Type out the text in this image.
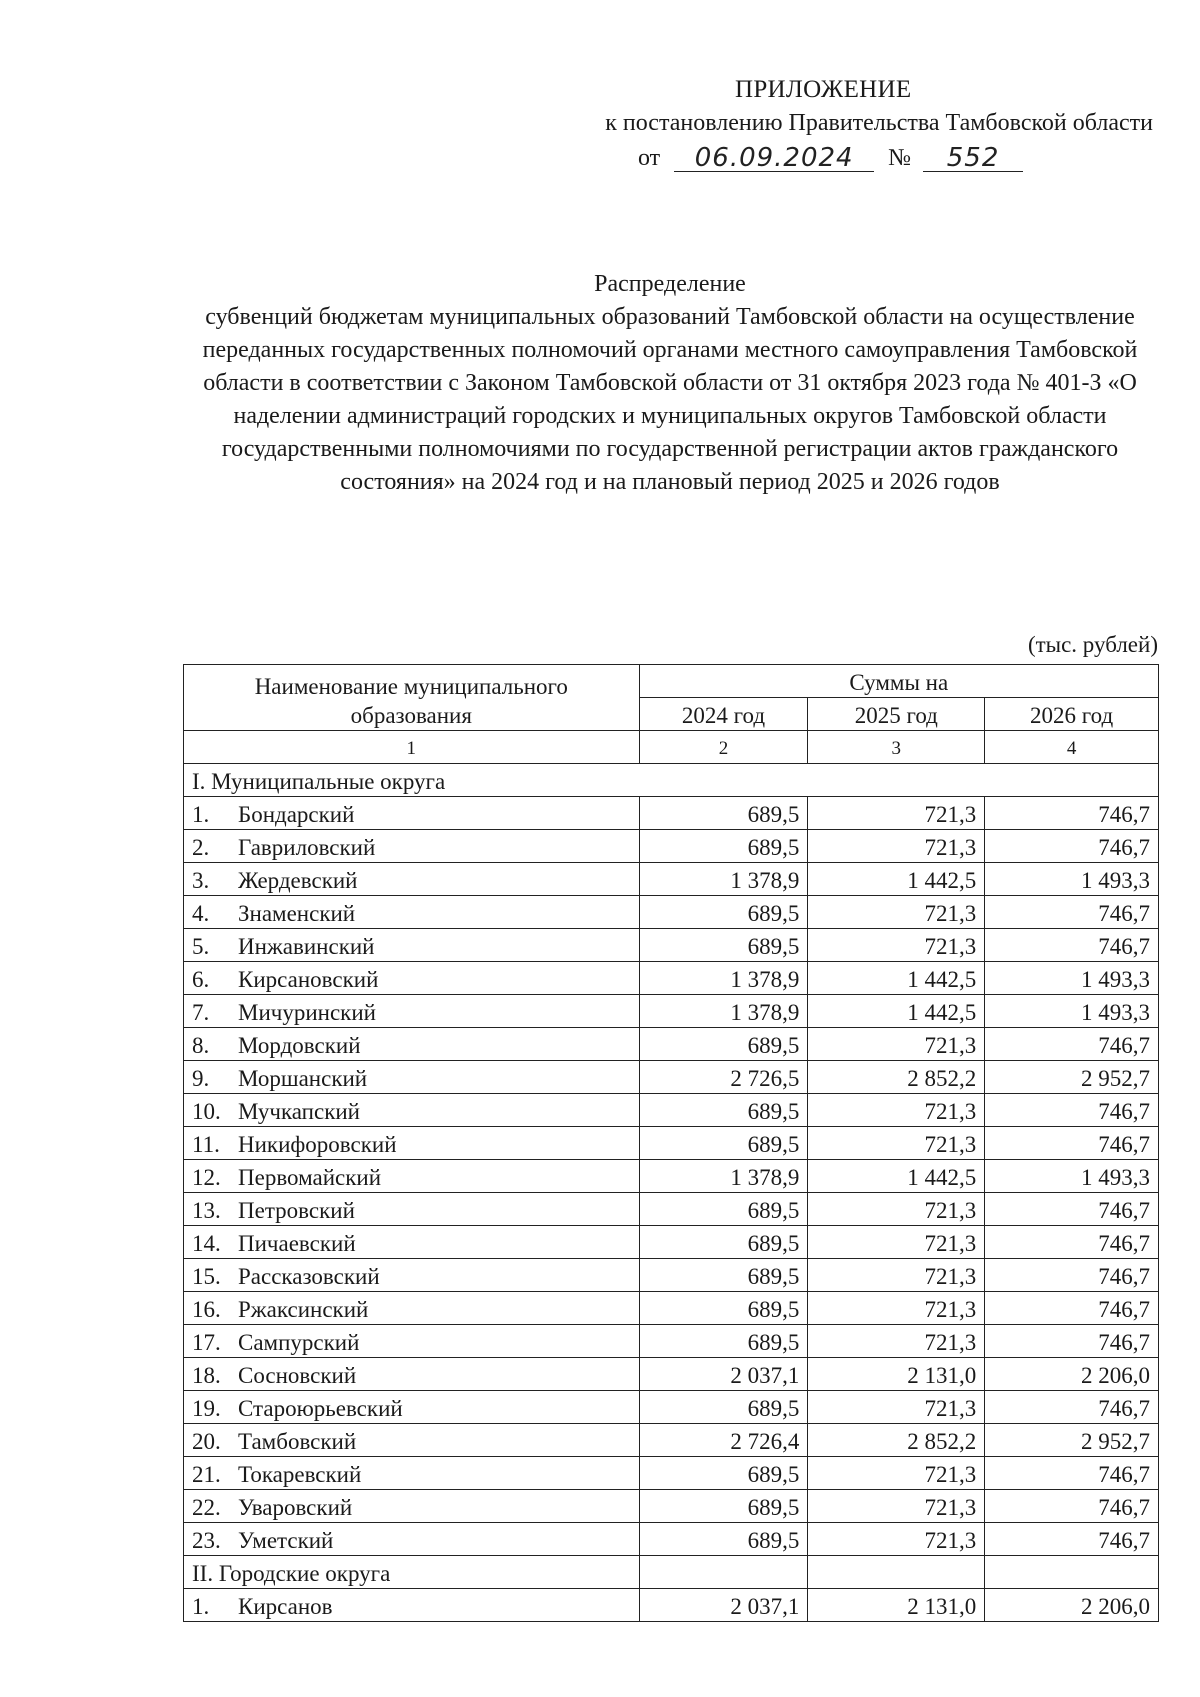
ПРИЛОЖЕНИЕ
к постановлению Правительства Тамбовской области
от 06.09.2024 № 552
Распределение
субвенций бюджетам муниципальных образований Тамбовской области на осуществление переданных государственных полномочий органами местного самоуправления Тамбовской области в соответствии с Законом Тамбовской области от 31 октября 2023 года № 401-З «О наделении администраций городских и муниципальных округов Тамбовской области государственными полномочиями по государственной регистрации актов гражданского состояния» на 2024 год и на плановый период 2025 и 2026 годов
(тыс. рублей)
Наименование муниципального образования	Суммы на		
	2024 год	2025 год	2026 год
1	2	3	4
I. Муниципальные округа			
1. Бондарский	689,5	721,3	746,7
2. Гавриловский	689,5	721,3	746,7
3. Жердевский	1 378,9	1 442,5	1 493,3
4. Знаменский	689,5	721,3	746,7
5. Инжавинский	689,5	721,3	746,7
6. Кирсановский	1 378,9	1 442,5	1 493,3
7. Мичуринский	1 378,9	1 442,5	1 493,3
8. Мордовский	689,5	721,3	746,7
9. Моршанский	2 726,5	2 852,2	2 952,7
10. Мучкапский	689,5	721,3	746,7
11. Никифоровский	689,5	721,3	746,7
12. Первомайский	1 378,9	1 442,5	1 493,3
13. Петровский	689,5	721,3	746,7
14. Пичаевский	689,5	721,3	746,7
15. Рассказовский	689,5	721,3	746,7
16. Ржаксинский	689,5	721,3	746,7
17. Сампурский	689,5	721,3	746,7
18. Сосновский	2 037,1	2 131,0	2 206,0
19. Староюрьевский	689,5	721,3	746,7
20. Тамбовский	2 726,4	2 852,2	2 952,7
21. Токаревский	689,5	721,3	746,7
22. Уваровский	689,5	721,3	746,7
23. Уметский	689,5	721,3	746,7
II. Городские округа			
1. Кирсанов	2 037,1	2 131,0	2 206,0
